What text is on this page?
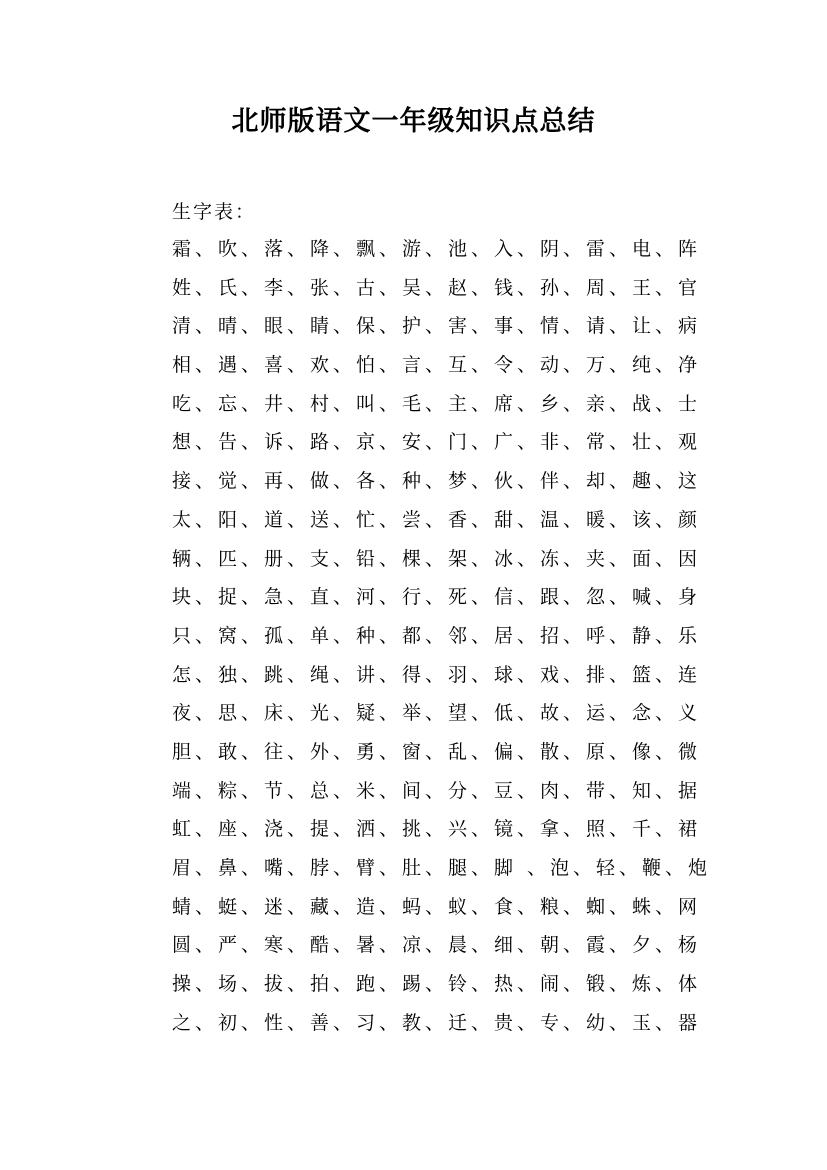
北师版语文一年级知识点总结
生字表：
霜、吹、落、降、飘、游、池、入、阴、雷、电、阵
姓、氏、李、张、古、吴、赵、钱、孙、周、王、官
清、晴、眼、睛、保、护、害、事、情、请、让、病
相、遇、喜、欢、怕、言、互、令、动、万、纯、净
吃、忘、井、村、叫、毛、主、席、乡、亲、战、士
想、告、诉、路、京、安、门、广、非、常、壮、观
接、觉、再、做、各、种、梦、伙、伴、却、趣、这
太、阳、道、送、忙、尝、香、甜、温、暖、该、颜
辆、匹、册、支、铅、棵、架、冰、冻、夹、面、因
块、捉、急、直、河、行、死、信、跟、忽、喊、身
只、窝、孤、单、种、都、邻、居、招、呼、静、乐
怎、独、跳、绳、讲、得、羽、球、戏、排、篮、连
夜、思、床、光、疑、举、望、低、故、运、念、义
胆、敢、往、外、勇、窗、乱、偏、散、原、像、微
端、粽、节、总、米、间、分、豆、肉、带、知、据
虹、座、浇、提、洒、挑、兴、镜、拿、照、千、裙
眉、鼻、嘴、脖、臂、肚、腿、脚 、泡、轻、鞭、炮
蜻、蜓、迷、藏、造、蚂、蚁、食、粮、蜘、蛛、网
圆、严、寒、酷、暑、凉、晨、细、朝、霞、夕、杨
操、场、拔、拍、跑、踢、铃、热、闹、锻、炼、体
之、初、性、善、习、教、迁、贵、专、幼、玉、器
